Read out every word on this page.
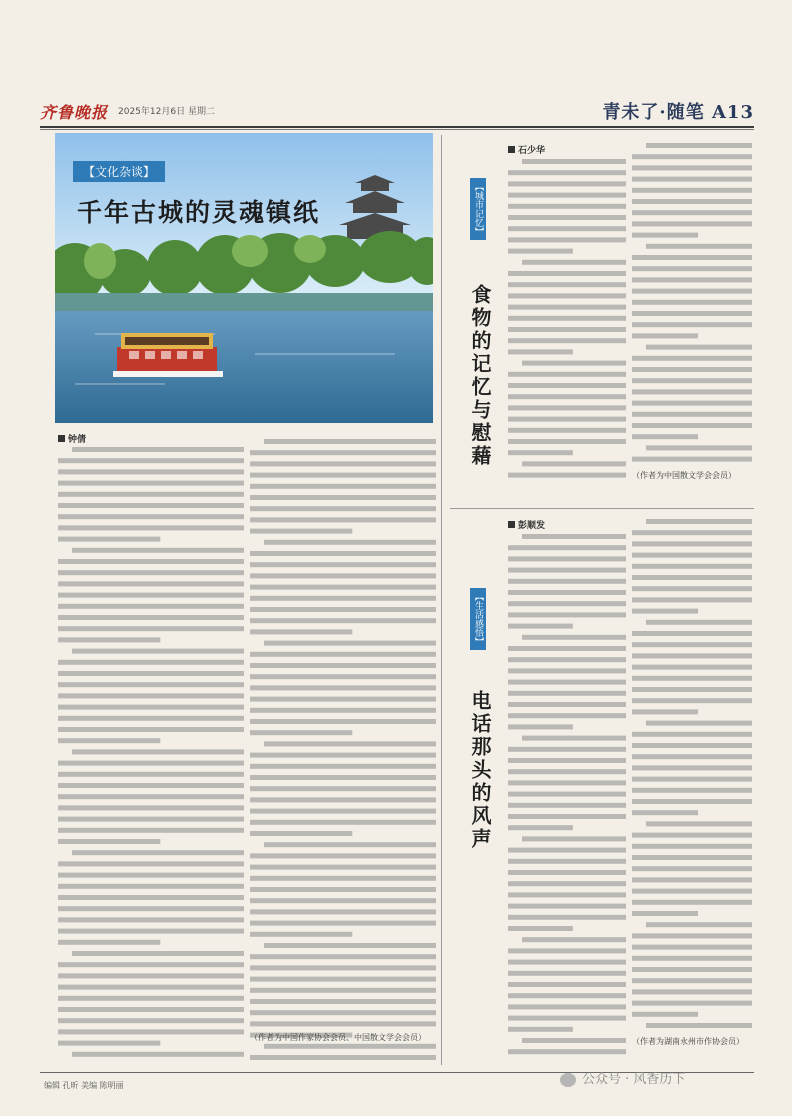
齐鲁晚报 2025年12月6日 星期二	青未了·随笔 A13
【文化杂谈】
千年古城的灵魂镇纸
钟倩
（作者为中国作家协会会员、中国散文学会会员）
【城市记忆】
食物的记忆与慰藉
石少华
（作者为中国散文学会会员）
【生活感悟】
电话那头的风声
彭顺发
（作者为湖南永州市作协会员）
编辑 孔昕 美编 陈明丽	公众号 · 风香历下
